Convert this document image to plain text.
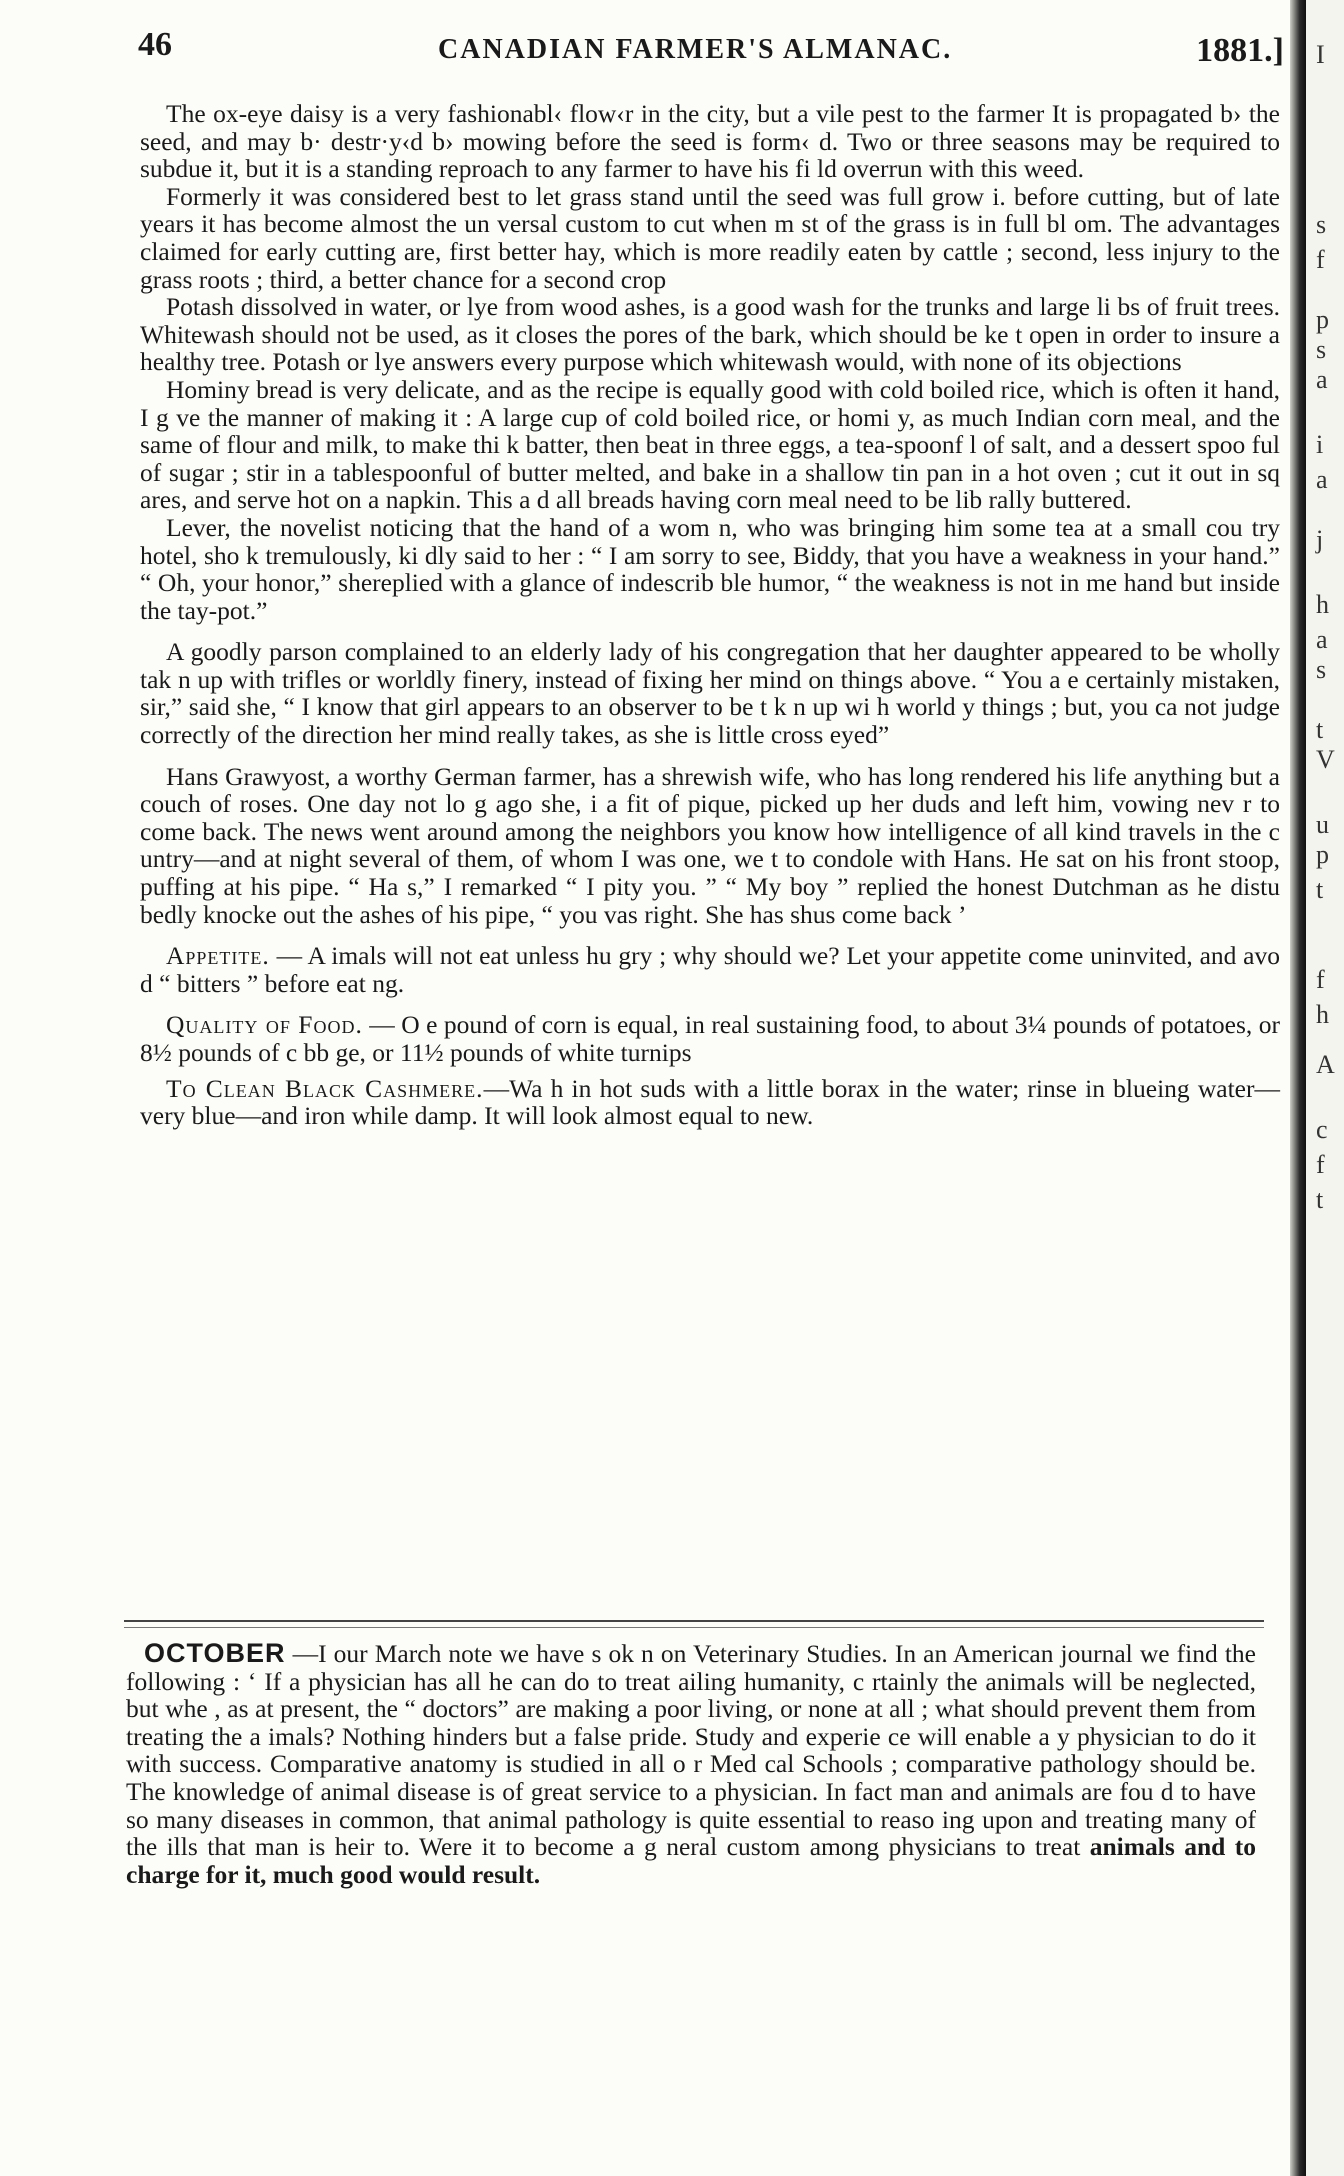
46	CANADIAN FARMER'S ALMANAC.	1881.]

The ox-eye daisy is a very fashionabl‹ flow‹r in the city, but a vile pest to the farmer It is propagated b› the seed, and may b· destr·y‹d b› mowing before the seed is form‹ d. Two or three seasons may be required to subdue it, but it is a standing reproach to any farmer to have his fi ld overrun with this weed.

Formerly it was considered best to let grass stand until the seed was full grow i. before cutting, but of late years it has become almost the un versal custom to cut when m st of the grass is in full bl om. The advantages claimed for early cutting are, first better hay, which is more readily eaten by cattle ; second, less injury to the grass roots ; third, a better chance for a second crop

Potash dissolved in water, or lye from wood ashes, is a good wash for the trunks and large li bs of fruit trees. Whitewash should not be used, as it closes the pores of the bark, which should be ke t open in order to insure a healthy tree. Potash or lye answers every purpose which whitewash would, with none of its objections

Hominy bread is very delicate, and as the recipe is equally good with cold boiled rice, which is often it hand, I g ve the manner of making it : A large cup of cold boiled rice, or homi y, as much Indian corn meal, and the same of flour and milk, to make thi k batter, then beat in three eggs, a tea-spoonf l of salt, and a dessert spoo ful of sugar ; stir in a tablespoonful of butter melted, and bake in a shallow tin pan in a hot oven ; cut it out in sq ares, and serve hot on a napkin. This a d all breads having corn meal need to be lib rally buttered.

Lever, the novelist noticing that the hand of a wom n, who was bringing him some tea at a small cou try hotel, sho k tremulously, ki dly said to her : “ I am sorry to see, Biddy, that you have a weakness in your hand.” “ Oh, your honor,” shereplied with a glance of indescrib ble humor, “ the weakness is not in me hand but inside the tay-pot.”

A goodly parson complained to an elderly lady of his congregation that her daughter appeared to be wholly tak n up with trifles or worldly finery, instead of fixing her mind on things above. “ You a e certainly mistaken, sir,” said she, “ I know that girl appears to an observer to be t k n up wi h world y things ; but, you ca not judge correctly of the direction her mind really takes, as she is little cross eyed”

Hans Grawyost, a worthy German farmer, has a shrewish wife, who has long rendered his life anything but a couch of roses. One day not lo g ago she, i a fit of pique, picked up her duds and left him, vowing nev r to come back. The news went around among the neighbors you know how intelligence of all kind travels in the c untry—and at night several of them, of whom I was one, we t to condole with Hans. He sat on his front stoop, puffing at his pipe. “ Ha s,” I remarked “ I pity you. ” “ My boy ” replied the honest Dutchman as he distu bedly knocke out the ashes of his pipe, “ you vas right. She has shus come back ’

Appetite. — A imals will not eat unless hu gry ; why should we? Let your appetite come uninvited, and avo d “ bitters ” before eat ng.

Quality of Food. — O e pound of corn is equal, in real sustaining food, to about 3¼ pounds of potatoes, or 8½ pounds of c bb ge, or 11½ pounds of white turnips

To Clean Black Cashmere.—Wa h in hot suds with a little borax in the water; rinse in blueing water—very blue—and iron while damp. It will look almost equal to new.

OCTOBER —I our March note we have s ok n on Veterinary Studies. In an American journal we find the following : ‘ If a physician has all he can do to treat ailing humanity, c rtainly the animals will be neglected, but whe , as at present, the “ doctors” are making a poor living, or none at all ; what should prevent them from treating the a imals? Nothing hinders but a false pride. Study and experie ce will enable a y physician to do it with success. Comparative anatomy is studied in all o r Med cal Schools ; comparative pathology should be. The knowledge of animal disease is of great service to a physician. In fact man and animals are fou d to have so many diseases in common, that animal pathology is quite essential to reaso ing upon and treating many of the ills that man is heir to. Were it to become a g neral custom among physicians to treat animals and to charge for it, much good would result.

I
s
f
p
s
a
i
a
j
h
a
s
t
V
u
p
t
f
h
A
c
f
t
